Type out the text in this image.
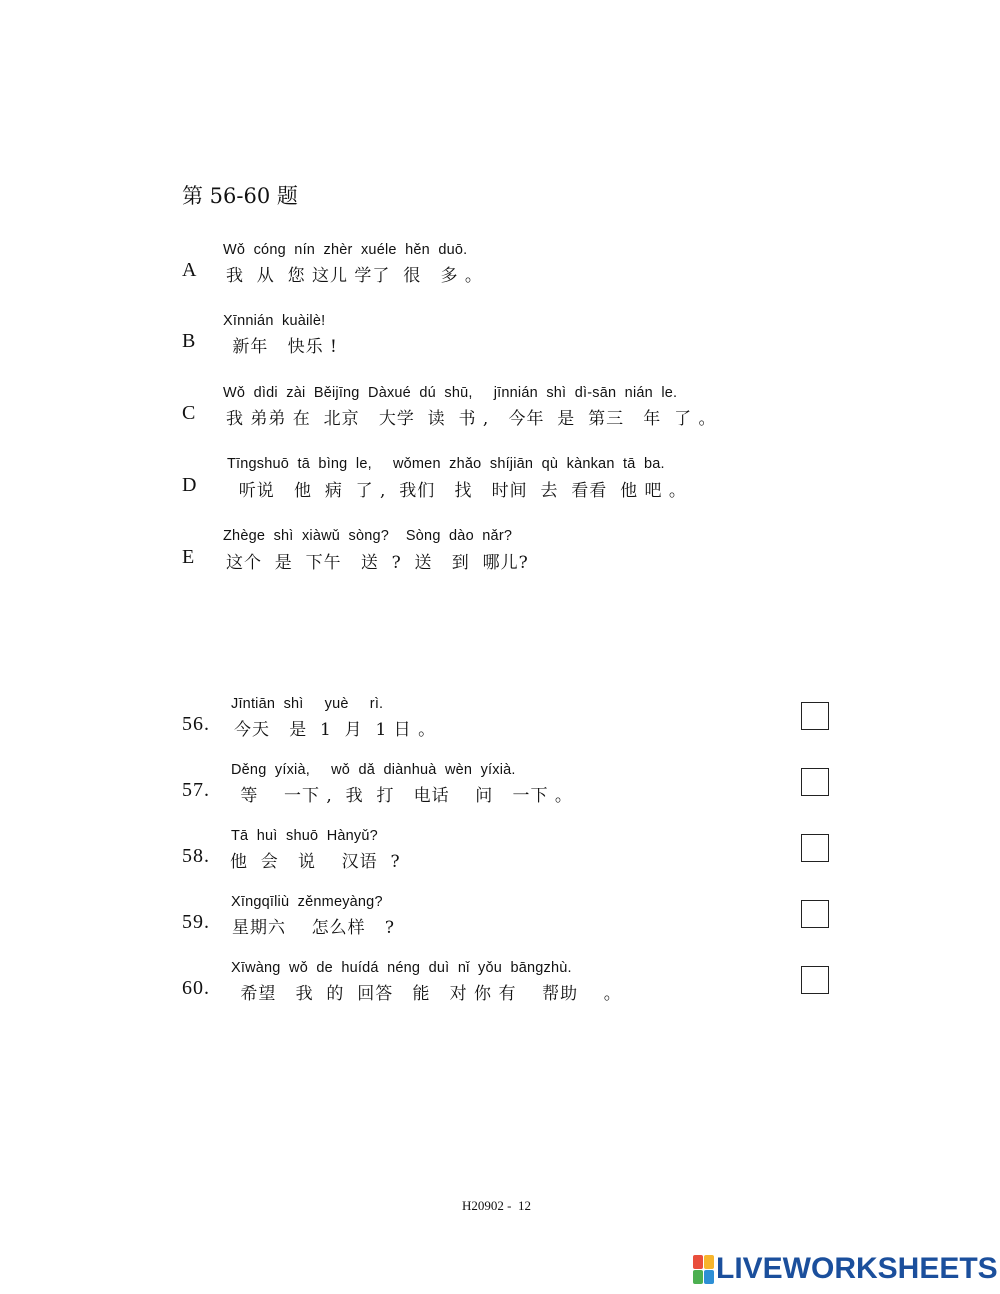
第 56-60 题
Wǒ  cóng  nín  zhèr  xuéle  hěn  duō.
A 我  从  您 这儿 学了  很   多 。
Xīnnián  kuàilè!
B 新年   快乐 !
Wǒ  dìdi  zài  Běijīng  Dàxué  dú  shū,     jīnnián  shì  dì-sān  nián  le.
C 我 弟弟 在  北京   大学  读  书 ,   今年  是  第三   年  了 。
Tīngshuō  tā  bìng  le,     wǒmen  zhǎo  shíjiān  qù  kànkan  tā  ba.
D 听说   他  病  了 ,  我们   找   时间  去  看看  他 吧 。
Zhège  shì  xiàwǔ  sòng?    Sòng  dào  nǎr?
E 这个  是  下午   送  ?  送   到  哪儿?
Jīntiān  shì     yuè     rì.
56. 今天   是  1  月  1 日 。
Děng  yíxià,     wǒ  dǎ  diànhuà  wèn  yíxià.
57. 等    一下 ,  我  打   电话    问   一下 。
Tā  huì  shuō  Hànyǔ?
58. 他  会   说    汉语  ?
Xīngqīliù  zěnmeyàng?
59. 星期六    怎么样   ?
Xīwàng  wǒ  de  huídá  néng  duì  nǐ  yǒu  bāngzhù.
60. 希望   我  的  回答   能   对 你 有    帮助    。
H20902 -  12
LIVEWORKSHEETS
